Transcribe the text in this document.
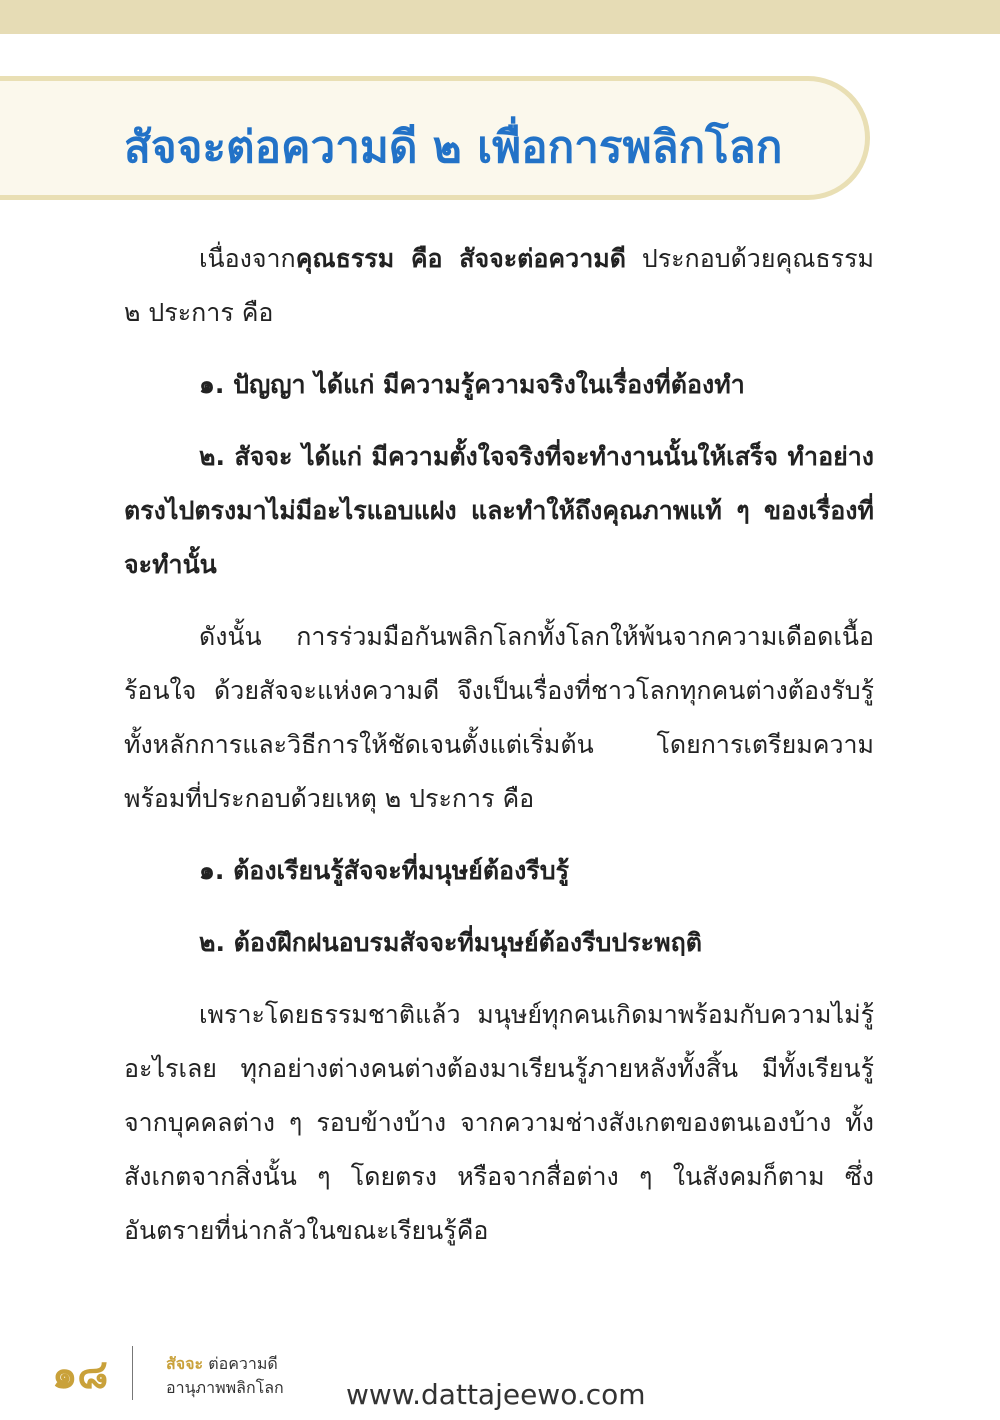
สัจจะต่อความดี ๒ เพื่อการพลิกโลก

เนื่องจากคุณธรรม คือ สัจจะต่อความดี ประกอบด้วยคุณธรรม ๒ ประการ คือ

๑. ปัญญา ได้แก่ มีความรู้ความจริงในเรื่องที่ต้องทำ

๒. สัจจะ ได้แก่ มีความตั้งใจจริงที่จะทำงานนั้นให้เสร็จ ทำอย่างตรงไปตรงมาไม่มีอะไรแอบแฝง และทำให้ถึงคุณภาพแท้ ๆ ของเรื่องที่จะทำนั้น

ดังนั้น การร่วมมือกันพลิกโลกทั้งโลกให้พ้นจากความเดือดเนื้อร้อนใจ ด้วยสัจจะแห่งความดี จึงเป็นเรื่องที่ชาวโลกทุกคนต่างต้องรับรู้ทั้งหลักการและวิธีการให้ชัดเจนตั้งแต่เริ่มต้น โดยการเตรียมความพร้อมที่ประกอบด้วยเหตุ ๒ ประการ คือ

๑. ต้องเรียนรู้สัจจะที่มนุษย์ต้องรีบรู้

๒. ต้องฝึกฝนอบรมสัจจะที่มนุษย์ต้องรีบประพฤติ

เพราะโดยธรรมชาติแล้ว มนุษย์ทุกคนเกิดมาพร้อมกับความไม่รู้อะไรเลย ทุกอย่างต่างคนต่างต้องมาเรียนรู้ภายหลังทั้งสิ้น มีทั้งเรียนรู้จากบุคคลต่าง ๆ รอบข้างบ้าง จากความช่างสังเกตของตนเองบ้าง ทั้งสังเกตจากสิ่งนั้น ๆ โดยตรง หรือจากสื่อต่าง ๆ ในสังคมก็ตาม ซึ่งอันตรายที่น่ากลัวในขณะเรียนรู้คือ

๑๘	สัจจะ ต่อความดี
อานุภาพพลิกโลก www.dattajeewo.com
